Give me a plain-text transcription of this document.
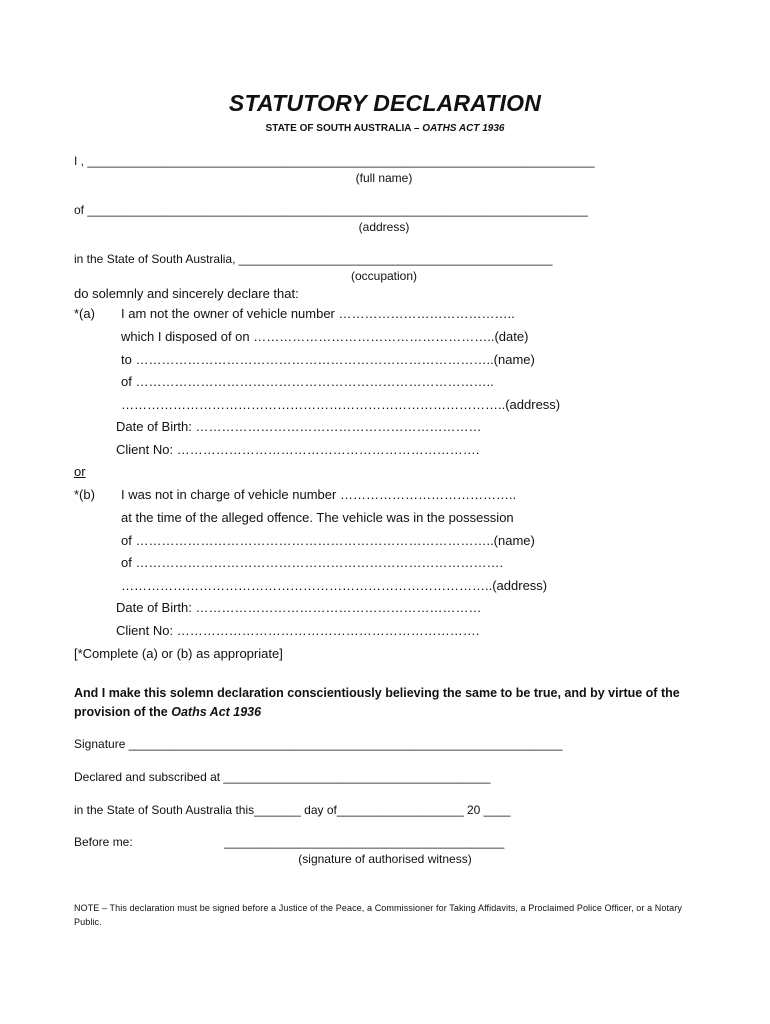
STATUTORY DECLARATION
STATE OF SOUTH AUSTRALIA – OATHS ACT 1936
I , ____________________________________________________________________________
(full name)
of ___________________________________________________________________________
(address)
in the State of South Australia, _______________________________________________
(occupation)
do solemnly and sincerely declare that:
*(a) I am not the owner of vehicle number …………………………………..
which I disposed of on ………………………………………………..(date)
to ………………………………………………………………………..(name)
of ………………………………………………………………………..
……………………………………………………………………………..(address)
Date of Birth: …………………………………………………………
Client No: …………………………………………………………….
or
*(b) I was not in charge of vehicle number …………………………………..
at the time of the alleged offence. The vehicle was in the possession
of ………………………………………………………………………..(name)
of ………………………………………………………………………….
…………………………………………………………………………..(address)
Date of Birth: …………………………………………………………
Client No: …………………………………………………………….
[*Complete (a) or (b) as appropriate]
And I make this solemn declaration conscientiously believing the same to be true, and by virtue of the provision of the Oaths Act 1936
Signature _________________________________________________________________
Declared and subscribed at ________________________________________
in the State of South Australia this_______ day of___________________ 20 ____
Before me:	__________________________________________
(signature of authorised witness)
NOTE – This declaration must be signed before a Justice of the Peace, a Commissioner for Taking Affidavits, a Proclaimed Police Officer, or a Notary Public.
